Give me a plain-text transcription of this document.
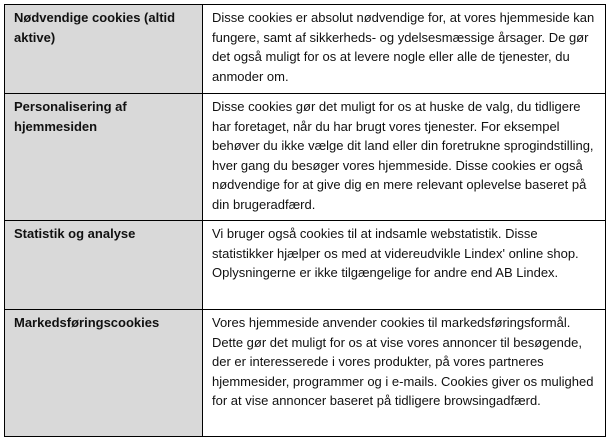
Nødvendige cookies (altid aktive)	Disse cookies er absolut nødvendige for, at vores hjemmeside kan fungere, samt af sikkerheds- og ydelsesmæssige årsager. De gør det også muligt for os at levere nogle eller alle de tjenester, du anmoder om.
Personalisering af hjemmesiden	Disse cookies gør det muligt for os at huske de valg, du tidligere har foretaget, når du har brugt vores tjenester. For eksempel behøver du ikke vælge dit land eller din foretrukne sprogindstilling, hver gang du besøger vores hjemmeside. Disse cookies er også nødvendige for at give dig en mere relevant oplevelse baseret på din brugeradfærd.
Statistik og analyse	Vi bruger også cookies til at indsamle webstatistik. Disse statistikker hjælper os med at videreudvikle Lindex' online shop. Oplysningerne er ikke tilgængelige for andre end AB Lindex.
Markedsføringscookies	Vores hjemmeside anvender cookies til markedsføringsformål. Dette gør det muligt for os at vise vores annoncer til besøgende, der er interesserede i vores produkter, på vores partneres hjemmesider, programmer og i e-mails. Cookies giver os mulighed for at vise annoncer baseret på tidligere browsingadfærd.
